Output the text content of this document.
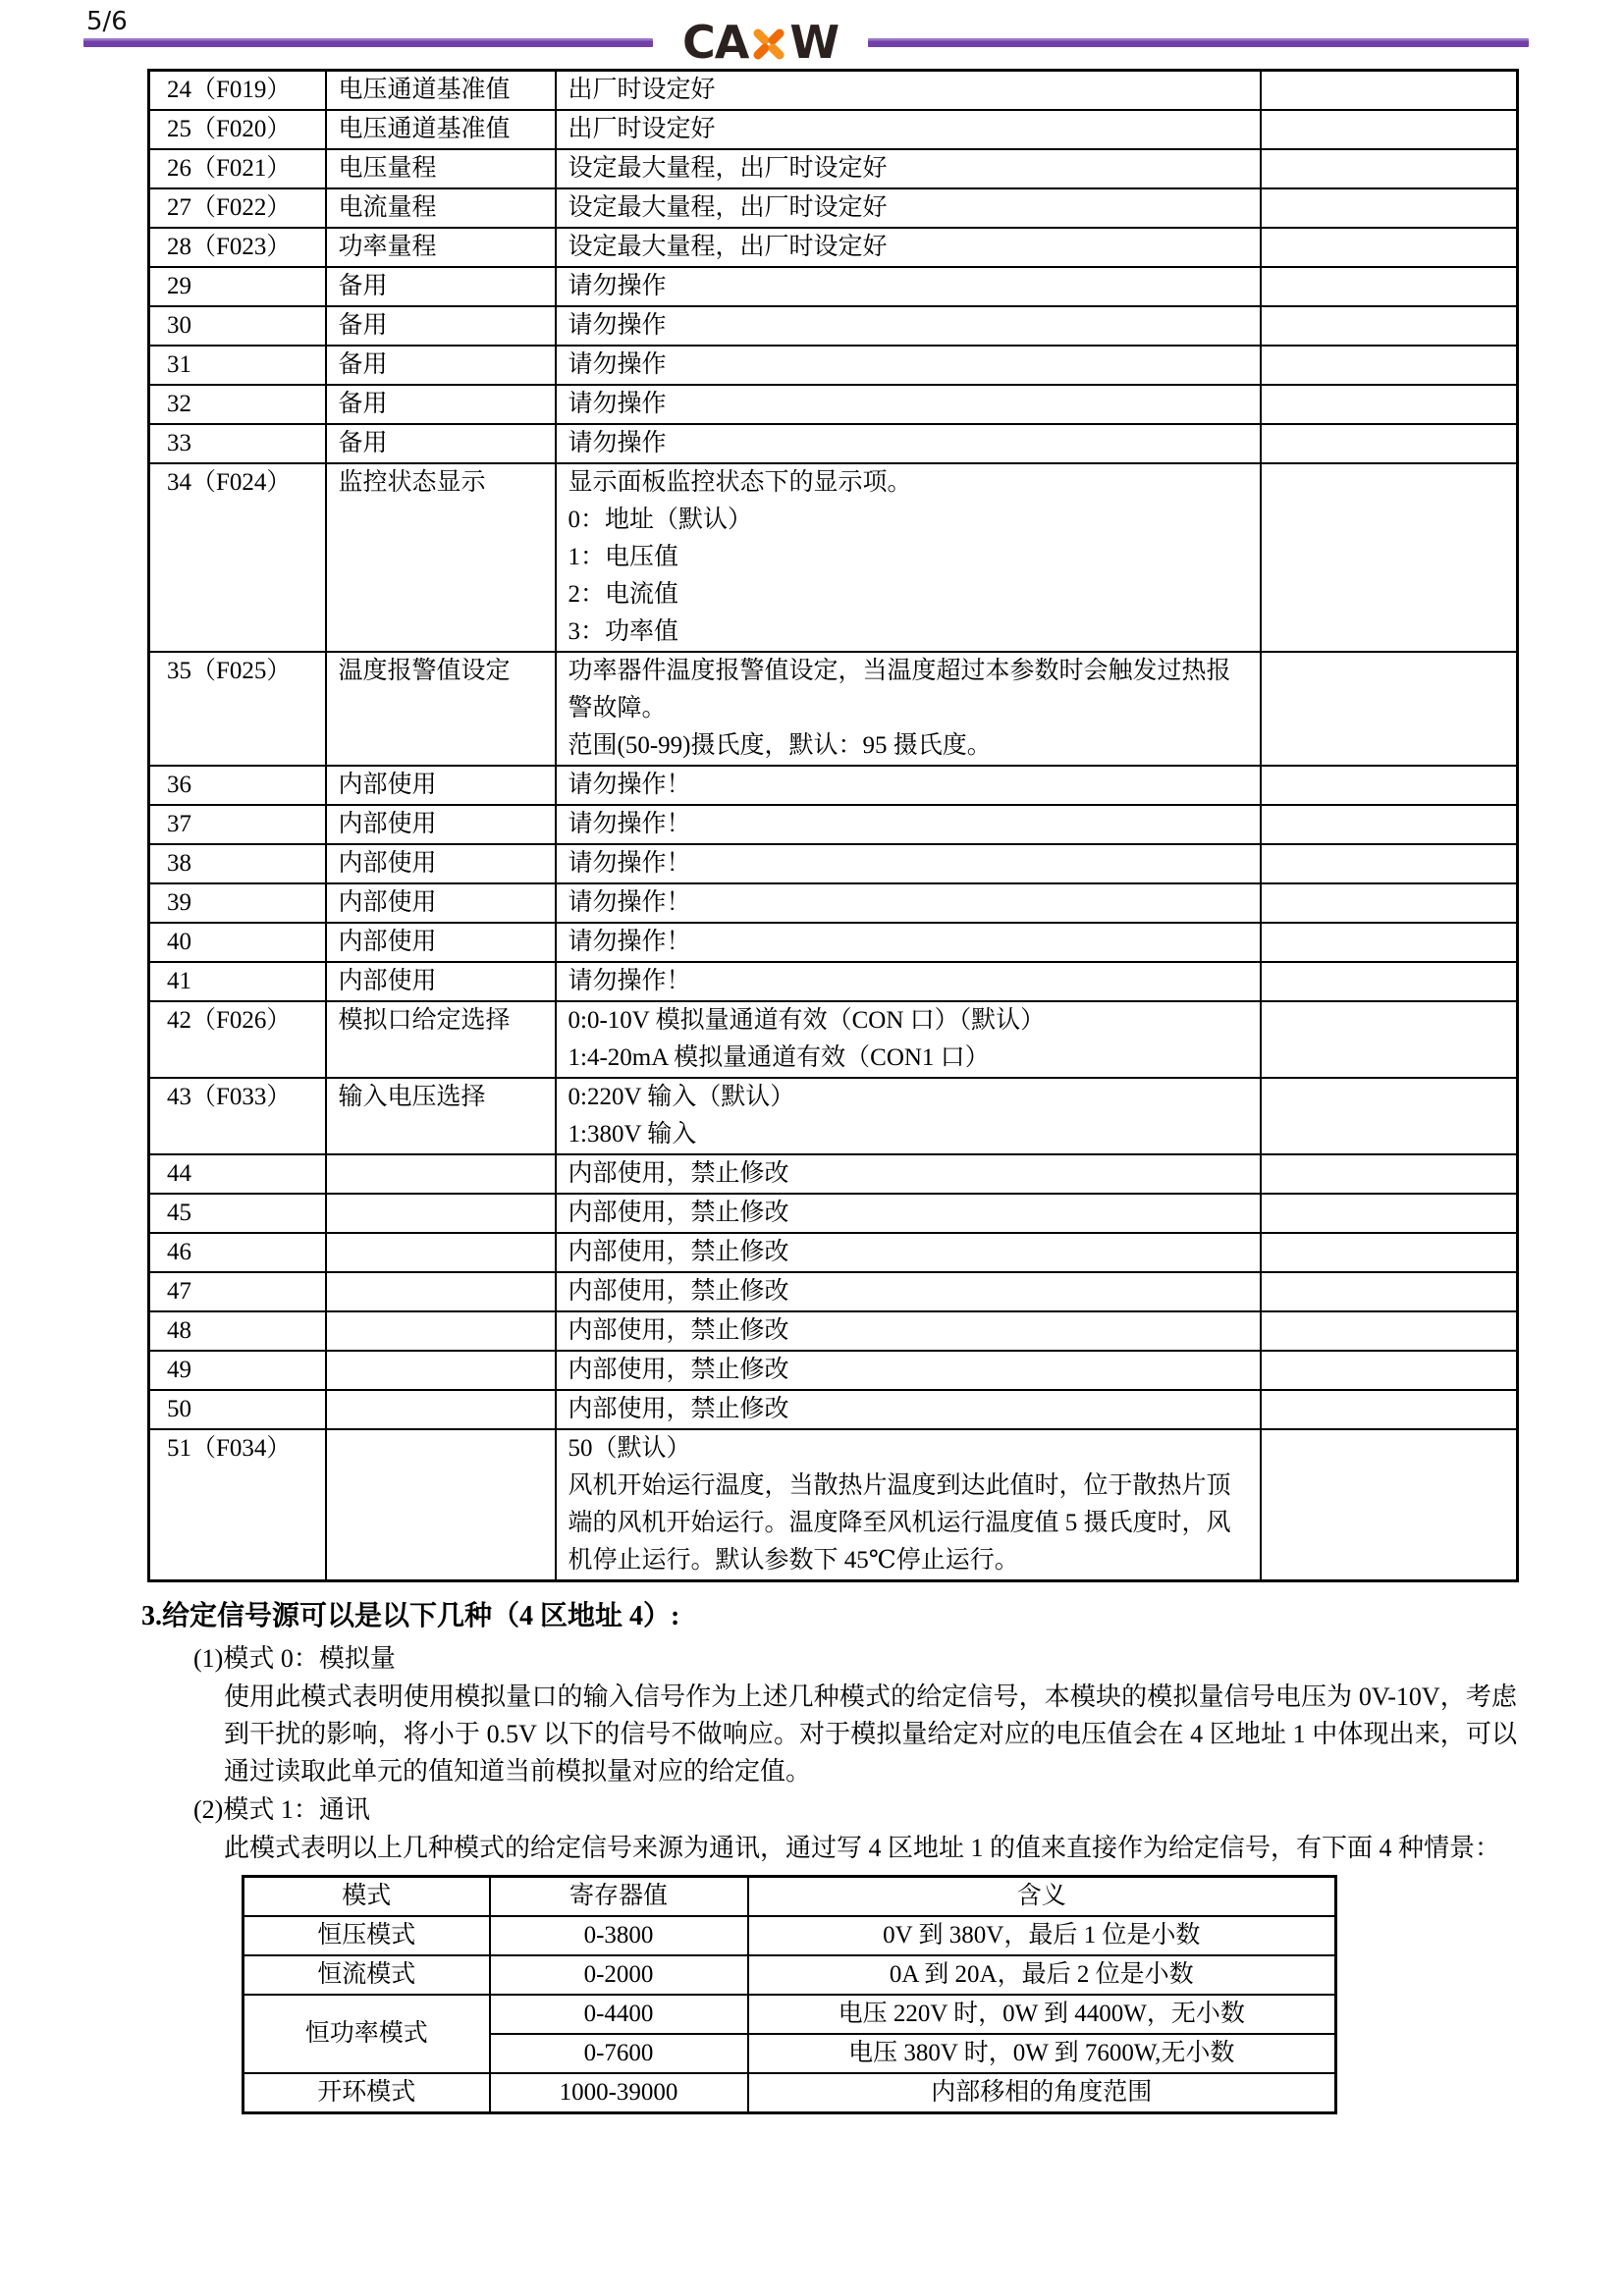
5/6	CA W
24（F019）	电压通道基准值	出厂时设定好	

25（F020）	电压通道基准值	出厂时设定好	

26（F021）	电压量程	设定最大量程，出厂时设定好	

27（F022）	电流量程	设定最大量程，出厂时设定好	

28（F023）	功率量程	设定最大量程，出厂时设定好	

29	备用	请勿操作	

30	备用	请勿操作	

31	备用	请勿操作	

32	备用	请勿操作	

33	备用	请勿操作	

34（F024）	监控状态显示	显示面板监控状态下的显示项。
0：地址（默认）
1：电压值
2：电流值
3：功率值	

35（F025）	温度报警值设定	功率器件温度报警值设定，当温度超过本参数时会触发过热报警故障。
范围(50-99)摄氏度，默认：95 摄氏度。	

36	内部使用	请勿操作！	

37	内部使用	请勿操作！	

38	内部使用	请勿操作！	

39	内部使用	请勿操作！	

40	内部使用	请勿操作！	

41	内部使用	请勿操作！	

42（F026）	模拟口给定选择	0:0-10V 模拟量通道有效（CON 口）（默认）
1:4-20mA 模拟量通道有效（CON1 口）	

43（F033）	输入电压选择	0:220V 输入（默认）
1:380V 输入	

44		内部使用，禁止修改	

45		内部使用，禁止修改	

46		内部使用，禁止修改	

47		内部使用，禁止修改	

48		内部使用，禁止修改	

49		内部使用，禁止修改	

50		内部使用，禁止修改	

51（F034）		50（默认）
风机开始运行温度，当散热片温度到达此值时，位于散热片顶端的风机开始运行。温度降至风机运行温度值 5 摄氏度时，风机停止运行。默认参数下 45℃停止运行。	

3.给定信号源可以是以下几种（4 区地址 4）:
(1)模式 0：模拟量
使用此模式表明使用模拟量口的输入信号作为上述几种模式的给定信号，本模块的模拟量信号电压为 0V-10V，考虑到干扰的影响，将小于 0.5V 以下的信号不做响应。对于模拟量给定对应的电压值会在 4 区地址 1 中体现出来，可以通过读取此单元的值知道当前模拟量对应的给定值。
(2)模式 1：通讯
此模式表明以上几种模式的给定信号来源为通讯，通过写 4 区地址 1 的值来直接作为给定信号，有下面 4 种情景：
模式	寄存器值	含义
恒压模式	0-3800	0V 到 380V，最后 1 位是小数
恒流模式	0-2000	0A 到 20A，最后 2 位是小数
恒功率模式	0-4400	电压 220V 时，0W 到 4400W，无小数
	0-7600	电压 380V 时，0W 到 7600W,无小数
开环模式	1000-39000	内部移相的角度范围
